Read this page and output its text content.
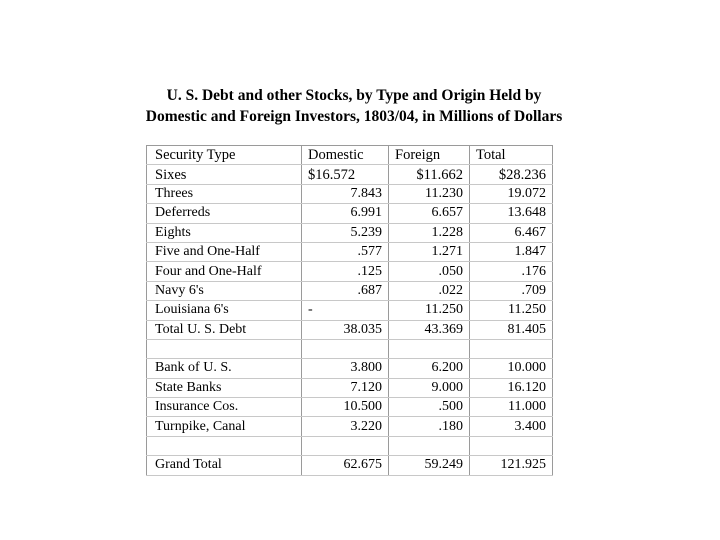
U. S. Debt and other Stocks, by Type and Origin Held by
Domestic and Foreign Investors, 1803/04, in Millions of Dollars
Security Type	Domestic	Foreign	Total
Sixes	$16.572	$11.662	$28.236
Threes	7.843	11.230	19.072
Deferreds	6.991	6.657	13.648
Eights	5.239	1.228	6.467
Five and One-Half	.577	1.271	1.847
Four and One-Half	.125	.050	.176
Navy 6's	.687	.022	.709
Louisiana 6's	-	11.250	11.250
Total U. S. Debt	38.035	43.369	81.405

Bank of U. S.	3.800	6.200	10.000
State Banks	7.120	9.000	16.120
Insurance Cos.	10.500	.500	11.000
Turnpike, Canal	3.220	.180	3.400

Grand Total	62.675	59.249	121.925
